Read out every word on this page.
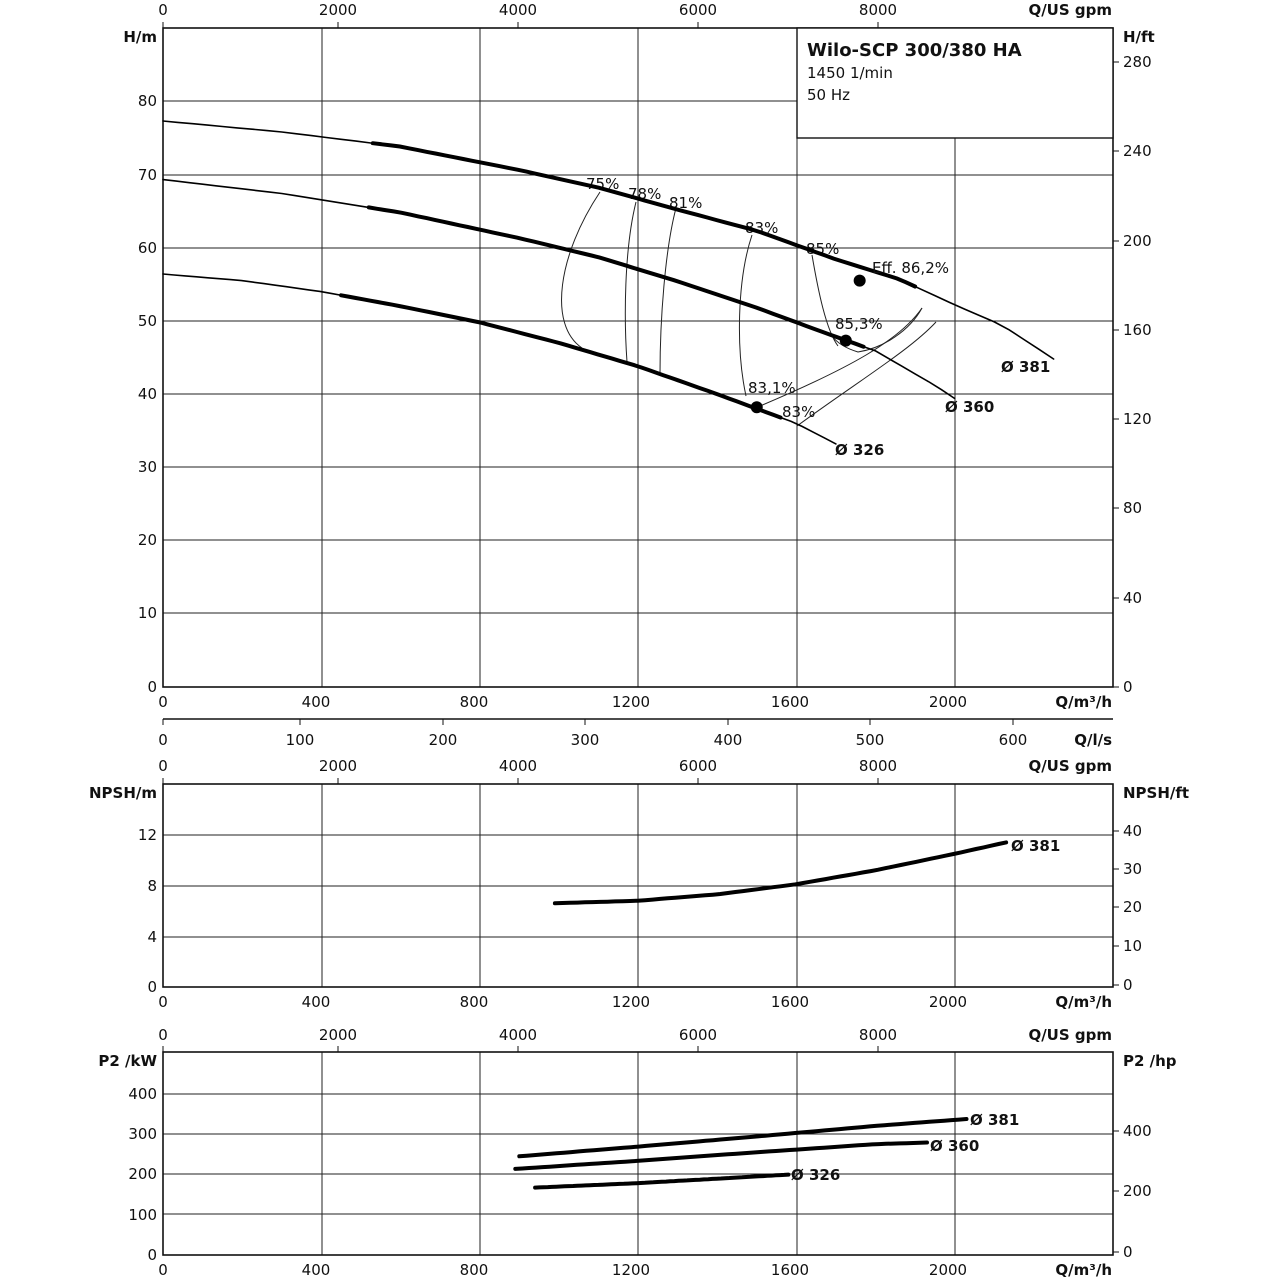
Wilo-SCP 300/380 HA
1450 1/min
50 Hz
0	2000	4000	6000	8000	Q/US gpm
H/m
0
10
20
30
40
50
60
70
80
H/ft
0
40
80
120
160
200
240
280
0	400	800	1200	1600	2000	Q/m³/h
0	100	200	300	400	500	600	Q/l/s
75%
78% 81%
83%
85%
85,3%
83,1%
83%
Eff. 86,2%
Ø 381
Ø 360
Ø 326
0	2000	4000	6000	8000	Q/US gpm
NPSH/m
0
4
8
12
NPSH/ft
0
10
20
30
40
0	400	800	1200	1600	2000	Q/m³/h
Ø 381
0	2000	4000	6000	8000	Q/US gpm
P2 /kW
0
100
200
300
400
P2 /hp
0
200
400
0	400	800	1200	1600	2000	Q/m³/h
Ø 381
Ø 360
Ø 326
